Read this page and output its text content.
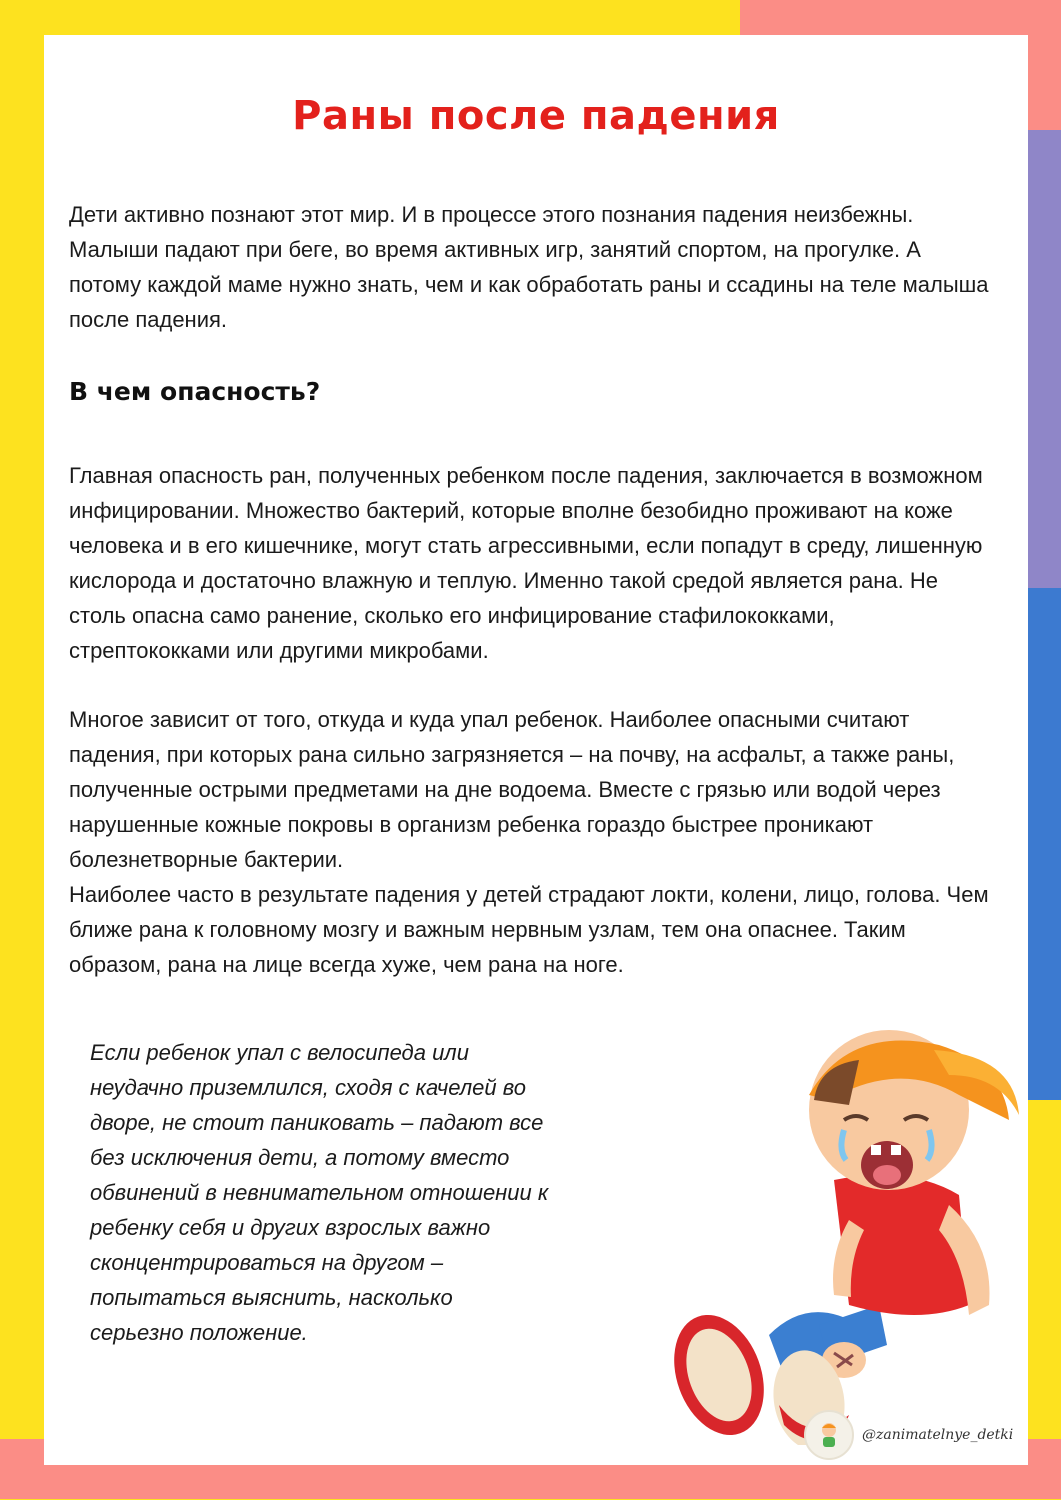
Раны после падения

Дети активно познают этот мир. И в процессе этого познания падения неизбежны. Малыши падают при беге, во время активных игр, занятий спортом, на прогулке. А потому каждой маме нужно знать, чем и как обработать раны и ссадины на теле малыша после падения.

В чем опасность?

Главная опасность ран, полученных ребенком после падения, заключается в возможном инфицировании. Множество бактерий, которые вполне безобидно проживают на коже человека и в его кишечнике, могут стать агрессивными, если попадут в среду, лишенную кислорода и достаточно влажную и теплую. Именно такой средой является рана. Не столь опасна само ранение, сколько его инфицирование стафилококками, стрептококками или другими микробами.

Многое зависит от того, откуда и куда упал ребенок. Наиболее опасными считают падения, при которых рана сильно загрязняется – на почву, на асфальт, а также раны, полученные острыми предметами на дне водоема. Вместе с грязью или водой через нарушенные кожные покровы в организм ребенка гораздо быстрее проникают болезнетворные бактерии.
Наиболее часто в результате падения у детей страдают локти, колени, лицо, голова. Чем ближе рана к головному мозгу и важным нервным узлам, тем она опаснее. Таким образом, рана на лице всегда хуже, чем рана на ноге.

Если ребенок упал с велосипеда или неудачно приземлился, сходя с качелей во дворе, не стоит паниковать – падают все без исключения дети, а потому вместо обвинений в невнимательном отношении к ребенку себя и других взрослых важно сконцентрироваться на другом – попытаться выяснить, насколько серьезно положение.

@zanimatelnye_detki
